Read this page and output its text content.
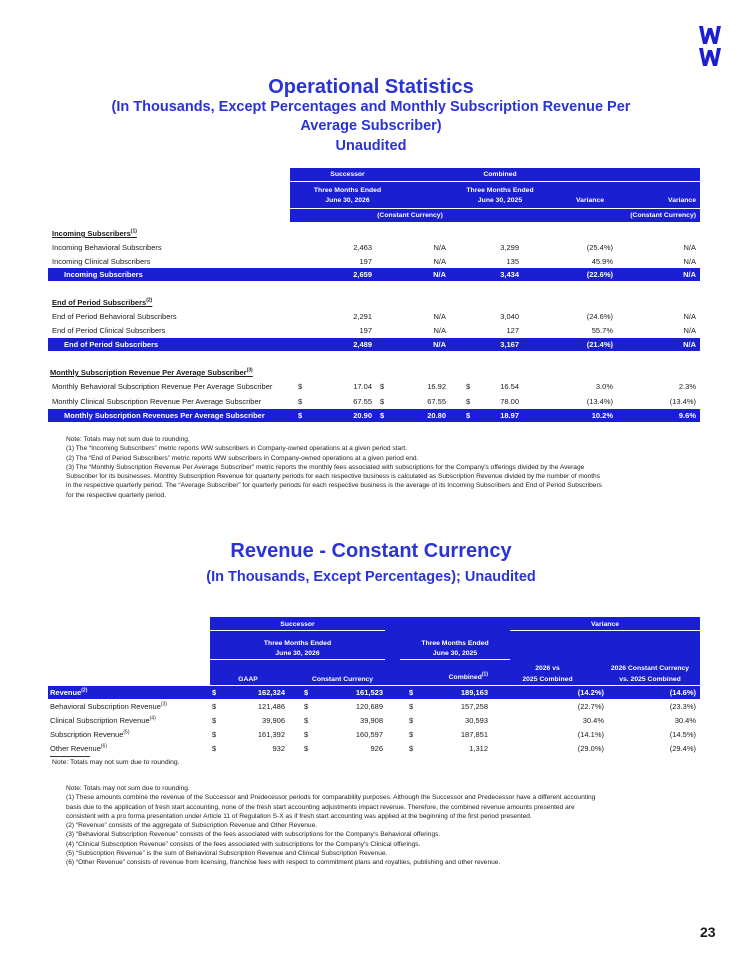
Operational Statistics
(In Thousands, Except Percentages and Monthly Subscription Revenue Per
Average Subscriber)
Unaudited
Successor	Combined
Three Months Ended
June 30, 2026
Three Months Ended
June 30, 2025	Variance	Variance
(Constant Currency)	(Constant Currency)
Incoming Subscribers$^{(1)}$
Incoming Behavioral Subscribers	2,463	N/A	3,299	(25.4%)	N/A
Incoming Clinical Subscribers	197	N/A	135	45.9%	N/A
Incoming Subscribers	2,659	N/A	3,434	(22.6%)	N/A
End of Period Subscribers$^{(2)}$
End of Period Behavioral Subscribers	2,291	N/A	3,040	(24.6%)	N/A
End of Period Clinical Subscribers	197	N/A	127	55.7%	N/A
End of Period Subscribers	2,489	N/A	3,167	(21.4%)	N/A
Monthly Subscription Revenue Per Average Subscriber$^{(3)}$
Monthly Behavioral Subscription Revenue Per Average Subscriber	$	17.04 $	16.92	$	16.54	3.0%	2.3%
Monthly Clinical Subscription Revenue Per Average Subscriber	$	67.55 $	67.55	$	78.00	(13.4%)	(13.4%)
Monthly Subscription Revenues Per Average Subscriber	$	20.90 $	20.80	$	18.97	10.2%	9.6%
Note: Totals may not sum due to rounding.
(1) The “Incoming Subscribers” metric reports WW subscribers in Company-owned operations at a given period start.
(2) The “End of Period Subscribers” metric reports WW subscribers in Company-owned operations at a given period end.
(3) The “Monthly Subscription Revenue Per Average Subscriber” metric reports the monthly fees associated with subscriptions for the Company's offerings divided by the Average
Subscriber for its businesses. Monthly Subscription Revenue for quarterly periods for each respective business is calculated as Subscription Revenue divided by the number of months
in the respective quarterly period. The “Average Subscriber” for quarterly periods for each respective business is the average of its Incoming Subscribers and End of Period Subscribers
for the respective quarterly period.
Revenue - Constant Currency
(In Thousands, Except Percentages); Unaudited
Successor	Variance
Three Months Ended
June 30, 2026
Three Months Ended
June 30, 2025
GAAP	Constant Currency	Combined$^{(1)}$
2026 vs
2025 Combined
2026 Constant Currency
vs. 2025 Combined
Revenue$^{(2)}$	$	162,324	$	161,523	$	189,163	(14.2%)	(14.6%)
Behavioral Subscription Revenue$^{(3)}$	$	121,486	$	120,689	$	157,258	(22.7%)	(23.3%)
Clinical Subscription Revenue$^{(4)}$	$	39,906	$	39,908	$	30,593	30.4%	30.4%
Subscription Revenue$^{(5)}$	$	161,392	$	160,597	$	187,851	(14.1%)	(14.5%)
Other Revenue$^{(6)}$	$	932	$	926	$	1,312	(29.0%)	(29.4%)
Note: Totals may not sum due to rounding.
Note: Totals may not sum due to rounding.
(1) These amounts combine the revenue of the Successor and Predecessor periods for comparability purposes. Although the Successor and Predecessor have a different accounting
basis due to the application of fresh start accounting, none of the fresh start accounting adjustments impact revenue. Therefore, the combined revenue amounts presented are
consistent with a pro forma presentation under Article 11 of Regulation S-X as if fresh start accounting was applied at the beginning of the first period presented.
(2) “Revenue” consists of the aggregate of Subscription Revenue and Other Revenue.
(3) “Behavioral Subscription Revenue” consists of the fees associated with subscriptions for the Company's Behavioral offerings.
(4) “Clinical Subscription Revenue” consists of the fees associated with subscriptions for the Company's Clinical offerings.
(5) “Subscription Revenue” is the sum of Behavioral Subscription Revenue and Clinical Subscription Revenue.
(6) “Other Revenue” consists of revenue from licensing, franchise fees with respect to commitment plans and royalties, publishing and other revenue.
23
